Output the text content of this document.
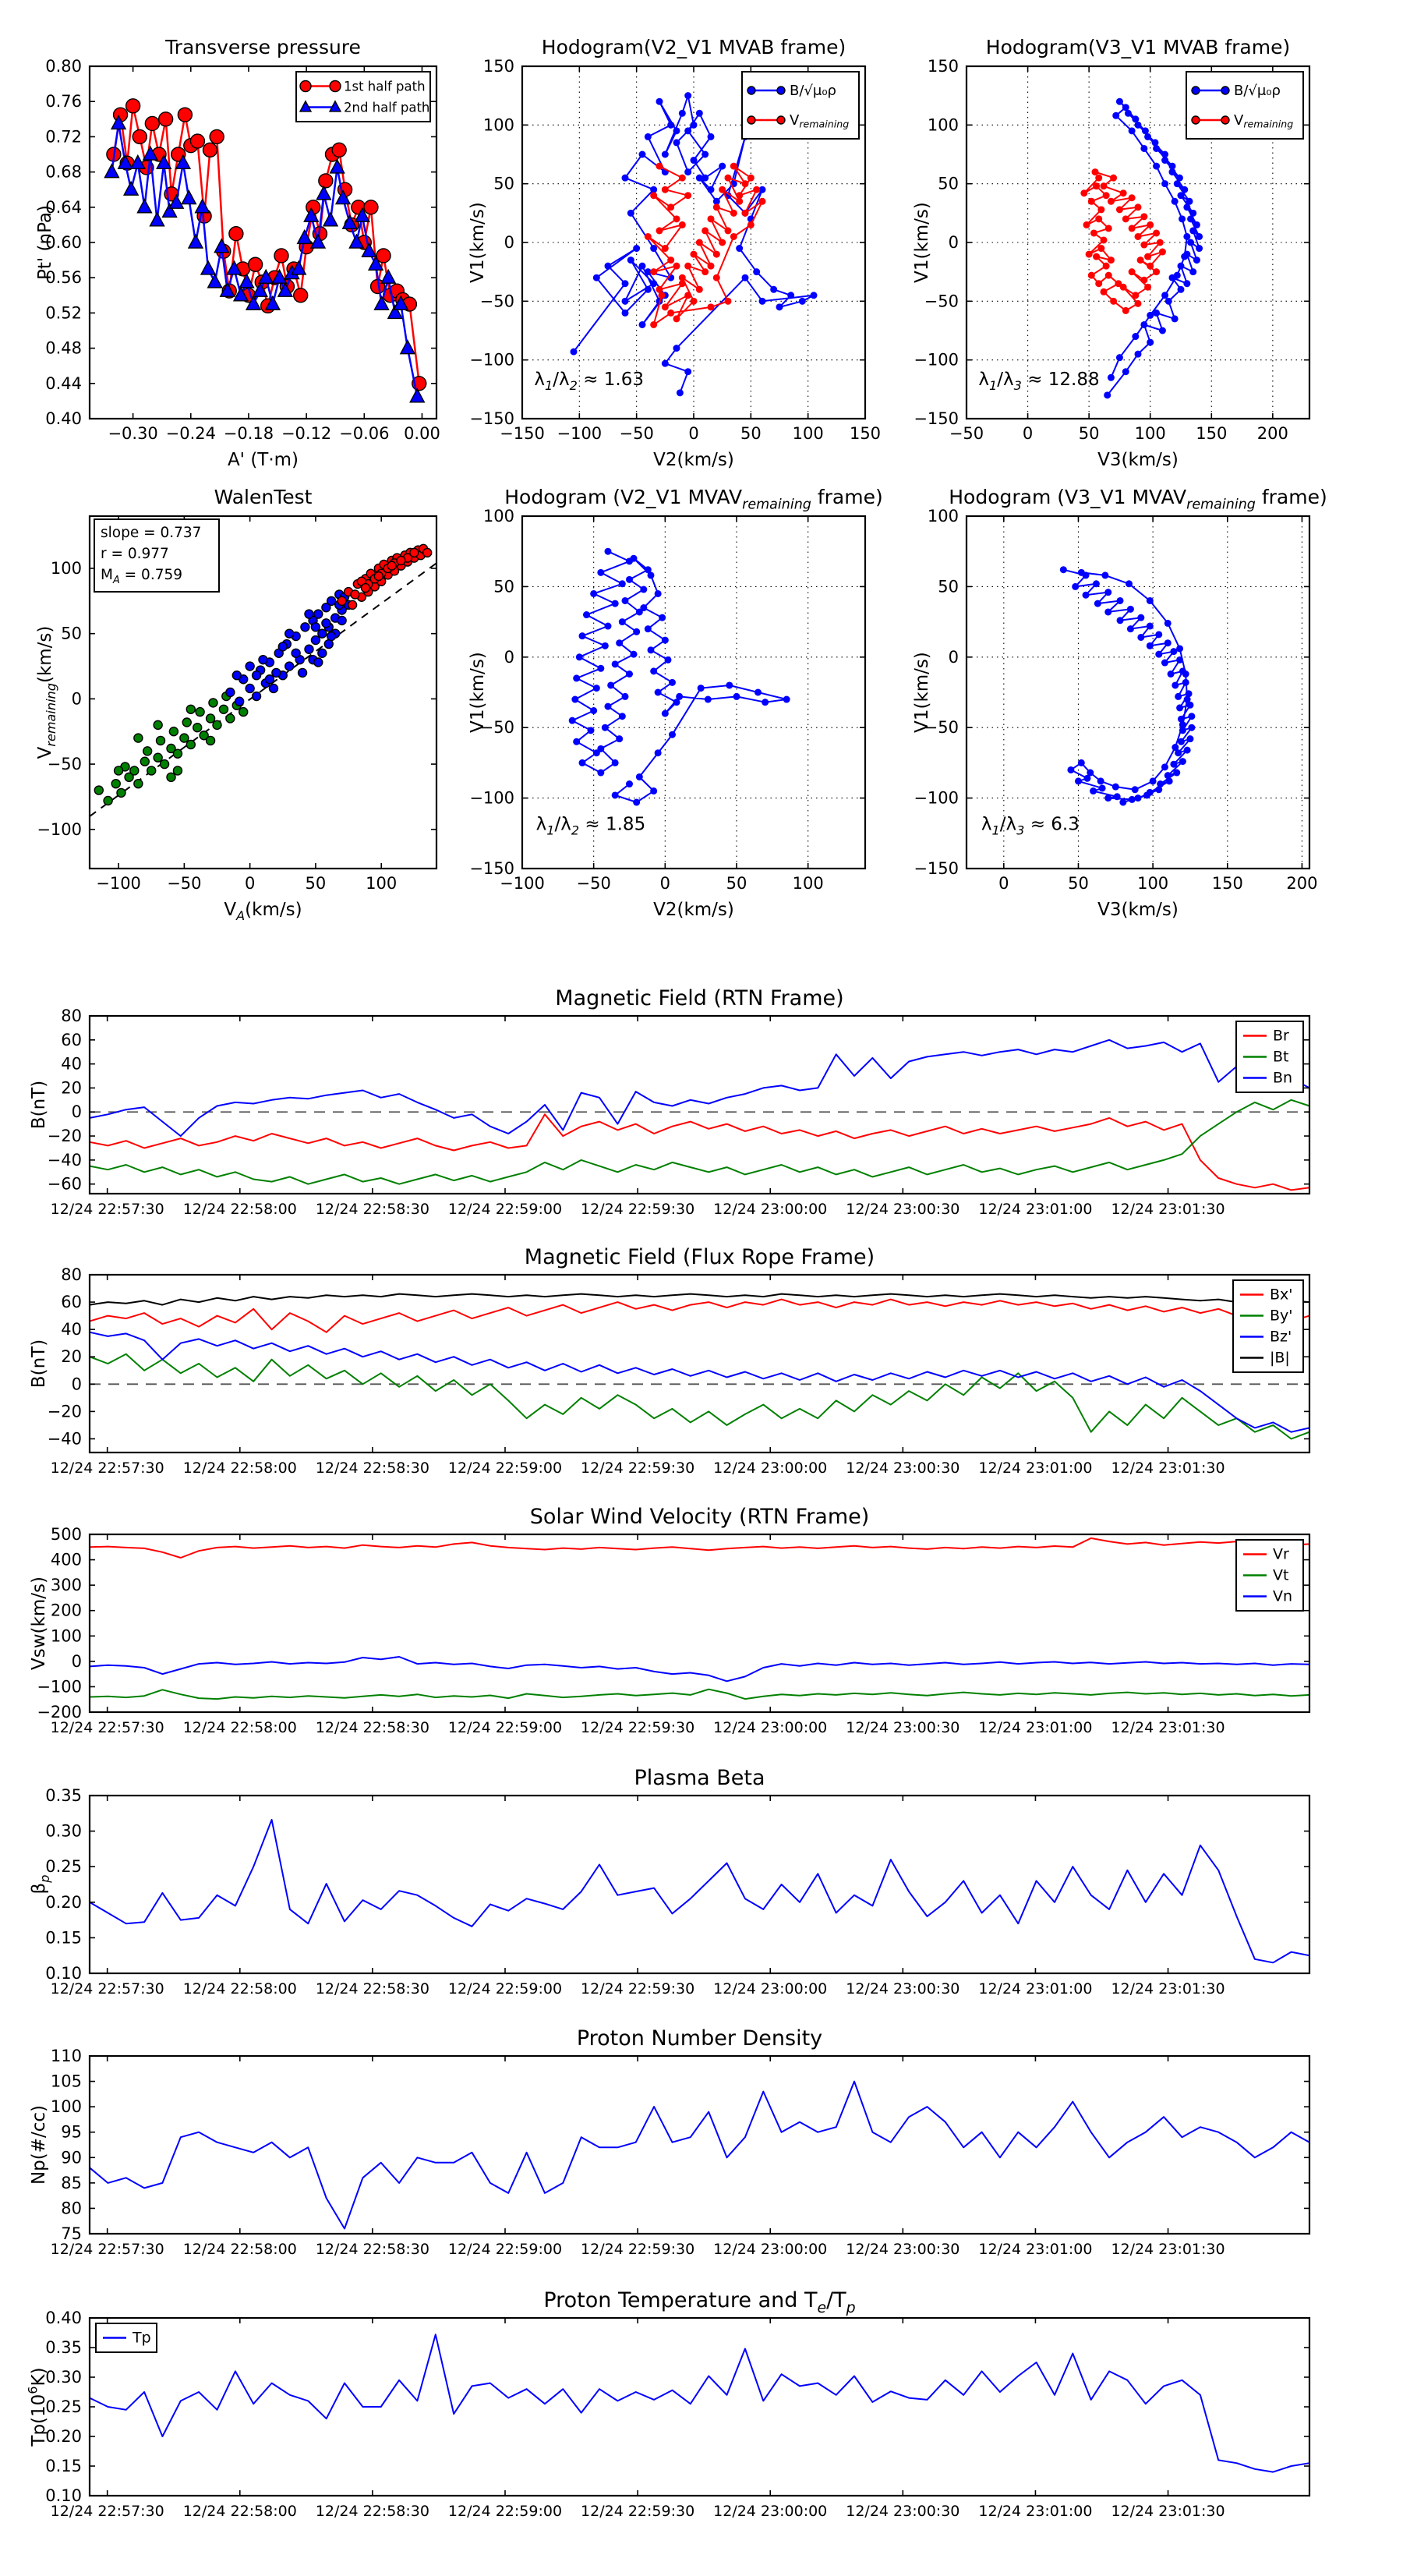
−0.30 −0.24 −0.18 −0.12 −0.06 0.00
0.80
0.76
0.72
0.68
0.64
0.60
0.56
0.52
0.48
0.44
0.40
Transverse pressure
A' (T·m)
Pt' (nPa)
1st half path
2nd half path
−150 −100 −50 0	50 100 150
150
100
50
0
−50
−100
−150
Hodogram(V2_V1 MVAB frame)
V2(km/s)
V1(km/s)
$\lambda_1/\lambda_2 \approx 1.63$
B/√μ₀ρ
$V_{remaining}$
−50 0	50 100 150 200
150
100
50
0
−50
−100
−150
Hodogram(V3_V1 MVAB frame)
V3(km/s)
V1(km/s)
$\lambda_1/\lambda_3 \approx 12.88$
B/√μ₀ρ
$V_{remaining}$
−100 −50	0	50 100
100
50
0
−50
−100
WalenTest
$V_A(km/s)$
$V_{remaining}(km/s)$
slope = 0.737
r = 0.977
$M_A = 0.759$
−100 −50	0	50	100
100
50
0
−50
−100
−150
Hodogram (V2_V1 $MVAV_{remaining}$ frame)
V2(km/s)
V1(km/s)
$\lambda_1/\lambda_2 \approx 1.85$
0	50	100	150	200
100
50
0
−50
−100
−150
Hodogram (V3_V1 $MVAV_{remaining}$ frame)
V3(km/s)
V1(km/s)
$\lambda_1/\lambda_3 \approx 6.3$
12/24 22:57:30 12/24 22:58:00 12/24 22:58:30 12/24 22:59:00 12/24 22:59:30 12/24 23:00:00 12/24 23:00:30 12/24 23:01:00 12/24 23:01:30
80
60
40
20
0
−20
−40
−60
Magnetic Field (RTN Frame)
B(nT)
Br
Bt
Bn
12/24 22:57:30 12/24 22:58:00 12/24 22:58:30 12/24 22:59:00 12/24 22:59:30 12/24 23:00:00 12/24 23:00:30 12/24 23:01:00 12/24 23:01:30
80
60
40
20
0
−20
−40
Magnetic Field (Flux Rope Frame)
B(nT)
Bx'
By'
Bz'
|B|
12/24 22:57:30 12/24 22:58:00 12/24 22:58:30 12/24 22:59:00 12/24 22:59:30 12/24 23:00:00 12/24 23:00:30 12/24 23:01:00 12/24 23:01:30
500
400
300
200
100
0
−100
−200
Solar Wind Velocity (RTN Frame)
Vsw(km/s)
Vr
Vt
Vn
12/24 22:57:30 12/24 22:58:00 12/24 22:58:30 12/24 22:59:00 12/24 22:59:30 12/24 23:00:00 12/24 23:00:30 12/24 23:01:00 12/24 23:01:30
0.35
0.30
0.25
0.20
0.15
0.10
Plasma Beta
$\beta_p$
12/24 22:57:30 12/24 22:58:00 12/24 22:58:30 12/24 22:59:00 12/24 22:59:30 12/24 23:00:00 12/24 23:00:30 12/24 23:01:00 12/24 23:01:30
110
105
100
95
90
85
80
75
Proton Number Density
Np(#/cc)
12/24 22:57:30 12/24 22:58:00 12/24 22:58:30 12/24 22:59:00 12/24 22:59:30 12/24 23:00:00 12/24 23:00:30 12/24 23:01:00 12/24 23:01:30
0.40
0.35
0.30
0.25
0.20
0.15
0.10
Proton Temperature and $T_e/T_p$
$Tp(10^6K)$
Tp
